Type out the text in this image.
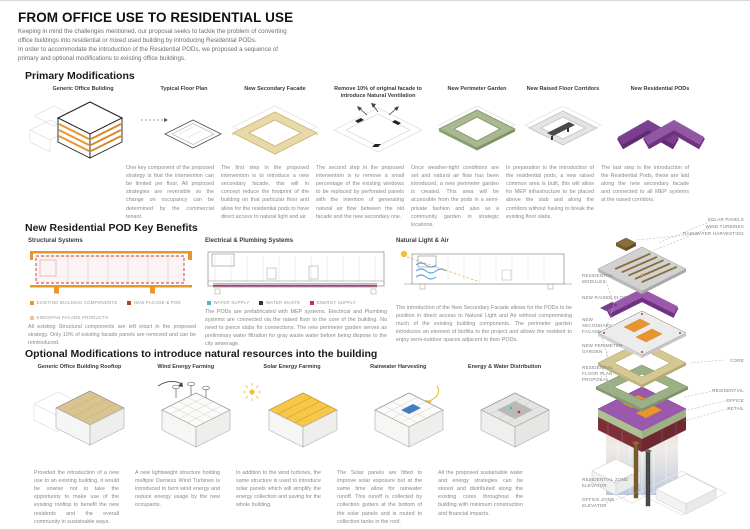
FROM OFFICE USE TO RESIDENTIAL USE
Keeping in mind the challenges mentioned, our proposal seeks to tackle the problem of converting
office buildings into residential or mixed used building by introducing Residential PODs.
In order to accommodate the introduction of the Residential PODs, we proposed a sequence of
primary and optional modifications to existing office buildings.
Primary Modifications
Generic Office Building	Typical Floor Plan	New Secondary Facade	Remove 10% of original facade to introduce Natural Ventilation
New Perimeter Garden	New Raised Floor Corridors	New Residential PODs
One key component of the proposed strategy is that the intervention can be limited per floor. All proposed strategies are reversible so the change on occupancy can be determined by the commercial tenant.
The first step in the proposed intervention is to introduce a new secondary facade, this will in concept reduce the footprint of the building on that particular floor and allow for the residential pods to have direct access to natural light and air.
The second step in the proposed intervention is to remove a small percentage of the existing windows to be replaced by perforated panels with the intention of generating natural air flow between the old facade and the new secondary one.
Once weather-tight conditions are set and natural air flow has been introduced, a new perimeter garden is created. This area will be accessible from the pods in a semi-private fashion and also as a community garden in strategic locations.
In preparation to the introduction of the residential pods, a new raised common area is built, this will allow for MEP infrastructure to be placed above the slab and along the corridors without having to break the existing floor slabs.
The last step is the introduction of the Residential Pods, these are laid along the new secondary facade and connected to all MEP systems at the raised corridors.
New Residential POD Key Benefits
Structural Systems
EXISTING BUILDING COMPONENTS	NEW FACADE & POD
KINGSPAN FACADE PRODUCTS
All existing Structural components are left intact in the proposed strategy. Only 10% of existing facade panels are removed and can be reintroduced.
Electrical & Plumbing Systems
WATER SUPPLY	WATER WASTE	ENERGY SUPPLY
The PODs are prefabricated with MEP systems. Electrical and Plumbing systems are connected via the raised floor to the core of the building. No need to pierce slabs for connections. The new perimeter garden serves as preliminary water filtration for gray waste water before being dispose to the city sewerage.
Natural Light & Air
The introduction of the New Secondary Facade allows for the PODs to be position in direct access to Natural Light and Air without compromising much of the existing building components. The perimeter garden introduces an element of biofilia to the project and allows the resident to enjoy semi-outdoor spaces adjacent to their PODs.
Optional Modifications to introduce natural resources into the building
Generic Office Building Rooftop	Wind Energy Farming	Solar Energy Farming	Rainwater Harvesting	Energy & Water Distribution
Provided the introduction of a new use to an existing building, it would be unwise not to take the opportunity to make use of the existing rooftop to benefit the new residents and the overall community in sustainable ways.
A new lightweight structure holding multiple Darrieus Wind Turbines is introduced to farm wind energy and reduce energy usage by the new occupants.
In addition to the wind turbines, the same structure is used to introduce solar panels which will simplify the energy collection and saving for the whole building.
The Solar panels are fitted to improve solar exposure but at the same time allow for rainwater runoff. This runoff is collected by collection gutters at the bottom of the solar panels and is routed to collection tanks in the roof.
All the proposed sustainable water and energy strategies can be stored and distributed along the existing cores throughout the building with minimum construction and financial impacts.
SOLAR PANELS
WIND TURBINES
RAINWATER HARVESTING
RESIDENTIAL
MODULES
NEW RAISED FLOOR
NEW
SECONDARY
FACADE
NEW PERIMETER
GARDEN
RESIDENTIAL
FLOOR PLAN
PROPOSAL
RESIDENTIAL ZONE
ELEVATOR
OFFICE ZONE
ELEVATOR
CORE
RESIDENTIAL
OFFICE
RETAIL
